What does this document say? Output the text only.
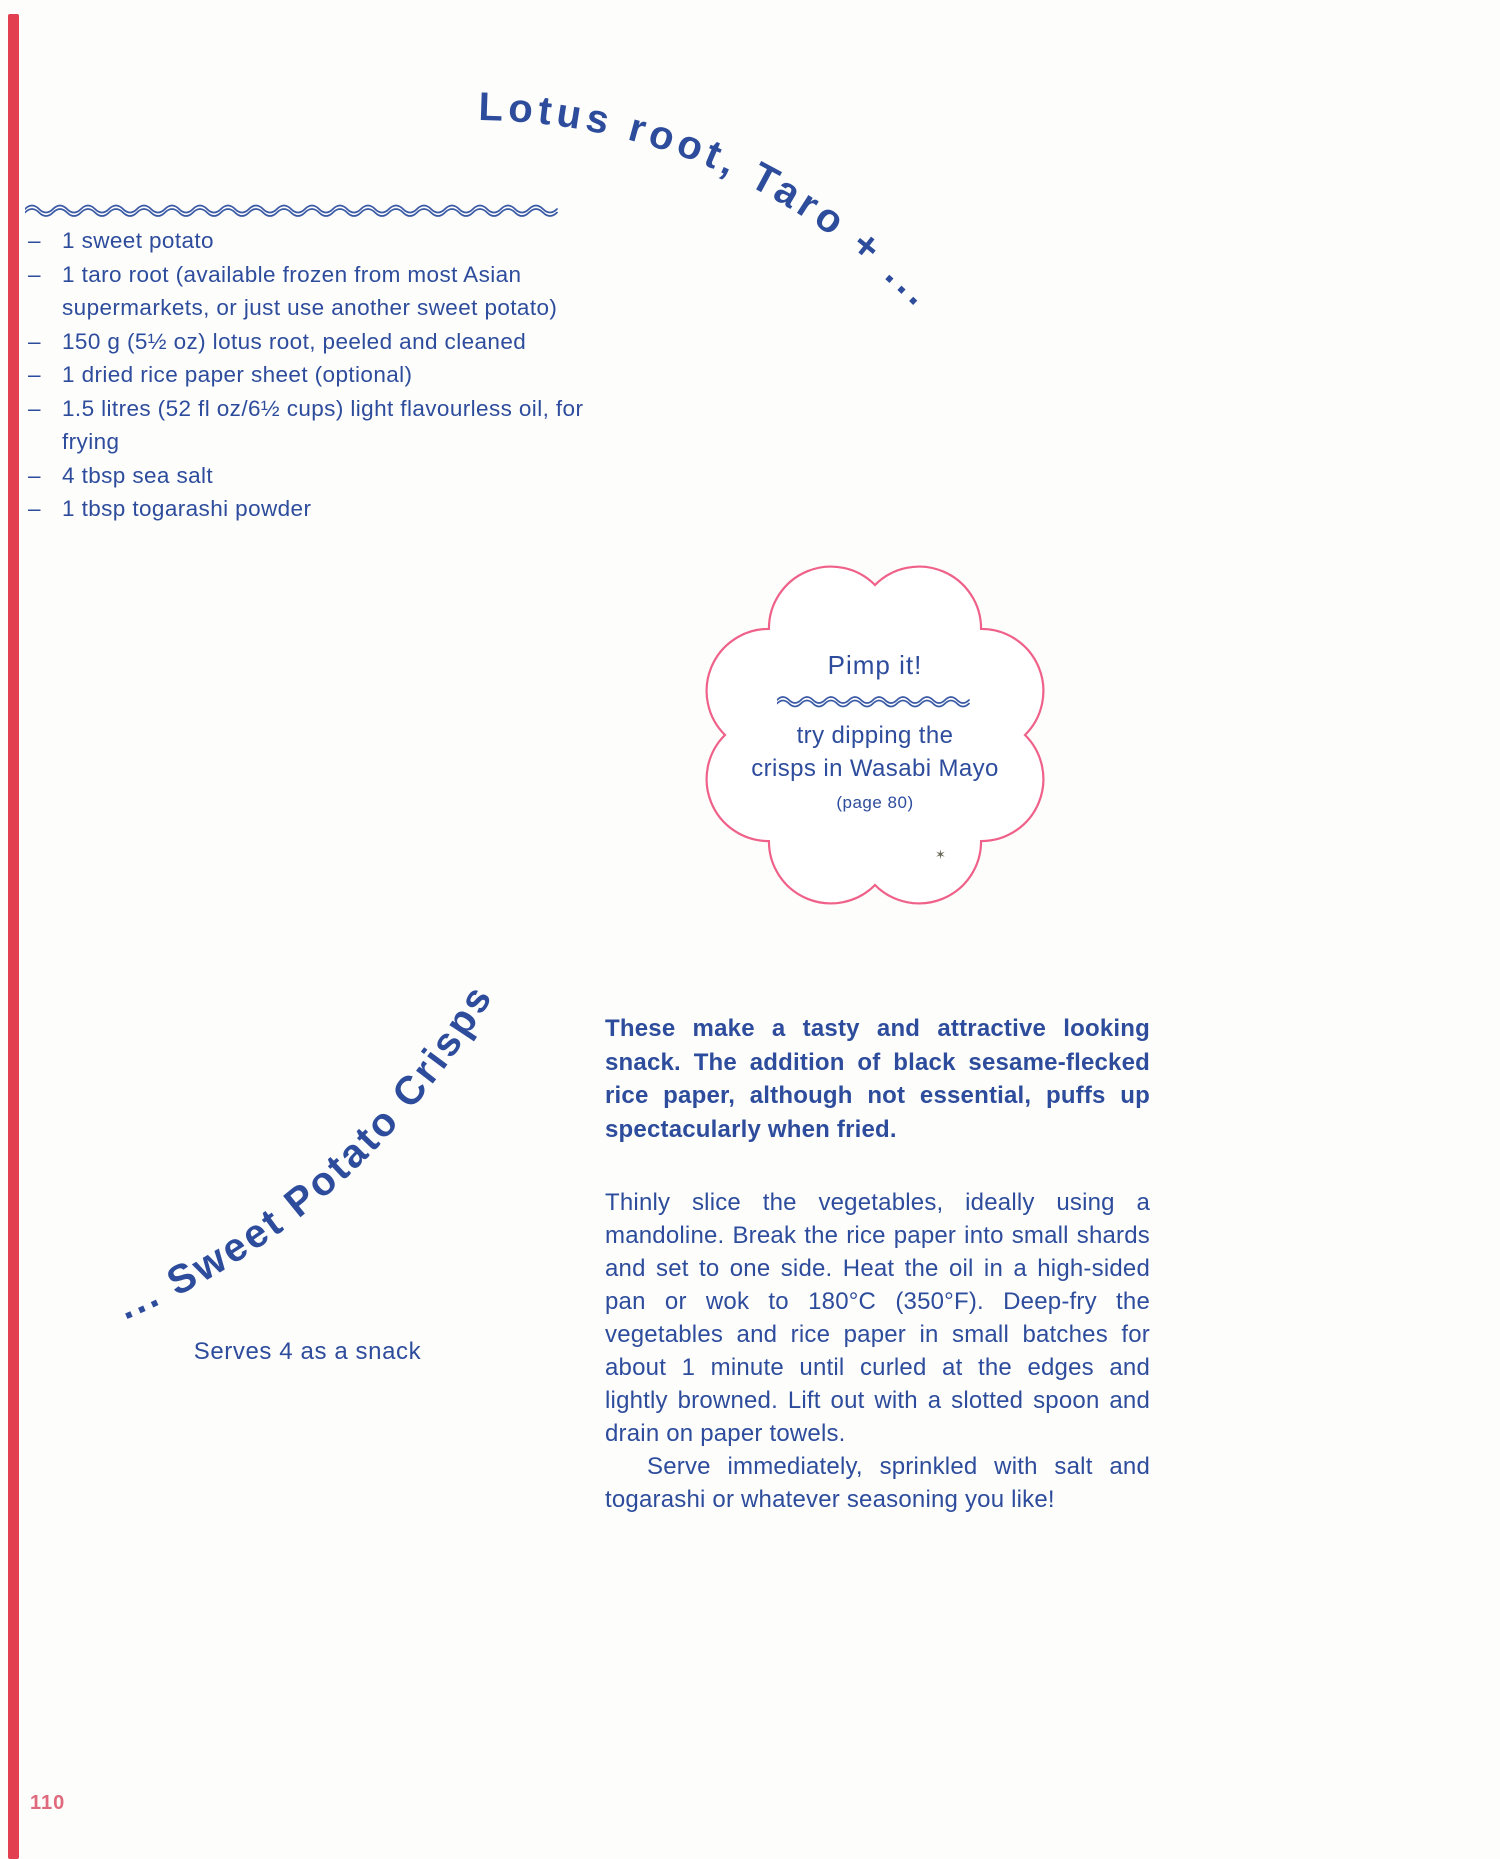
Lotus root, Taro + ...
– 1 sweet potato
– 1 taro root (available frozen from most Asian supermarkets, or just use another sweet potato)
– 150 g (5½ oz) lotus root, peeled and cleaned
– 1 dried rice paper sheet (optional)
– 1.5 litres (52 fl oz/6½ cups) light flavourless oil, for frying
– 4 tbsp sea salt
– 1 tbsp togarashi powder
Pimp it!
try dipping the
crisps in Wasabi Mayo
(page 80)
✶
... Sweet Potato Crisps
Serves 4 as a snack

These make a tasty and attractive looking snack. The addition of black sesame-flecked rice paper, although not essential, puffs up spectacularly when fried.

Thinly slice the vegetables, ideally using a mandoline. Break the rice paper into small shards and set to one side. Heat the oil in a high-sided pan or wok to 180°C (350°F). Deep-fry the vegetables and rice paper in small batches for about 1 minute until curled at the edges and lightly browned. Lift out with a slotted spoon and drain on paper towels.

Serve immediately, sprinkled with salt and togarashi or whatever seasoning you like!

110
